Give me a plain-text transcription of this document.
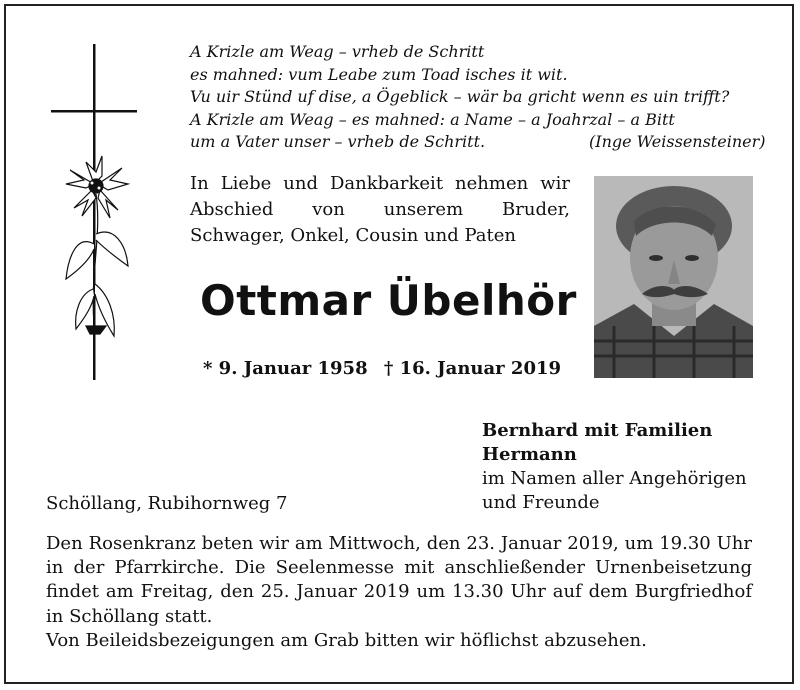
A Krizle am Weag – vrheb de Schritt
es mahned: vum Leabe zum Toad isches it wit.
Vu uir Stünd uf dise, a Ögeblick – wär ba gricht wenn es uin trifft?
A Krizle am Weag – es mahned: a Name – a Joahrzal – a Bitt
um a Vater unser – vrheb de Schritt.	(Inge Weissensteiner)
In Liebe und Dankbarkeit nehmen wir Abschied von unserem Bruder, Schwager, Onkel, Cousin und Paten
Ottmar Übelhör
* 9. Januar 1958 † 16. Januar 2019
Bernhard mit Familien
Hermann
im Namen aller Angehörigen
und Freunde
Schöllang, Rubihornweg 7

Den Rosenkranz beten wir am Mittwoch, den 23. Januar 2019, um 19.30 Uhr in der Pfarrkirche. Die Seelenmesse mit anschließender Urnenbeisetzung findet am Freitag, den 25. Januar 2019 um 13.30 Uhr auf dem Burgfriedhof in Schöllang statt.

Von Beileidsbezeigungen am Grab bitten wir höflichst abzusehen.
